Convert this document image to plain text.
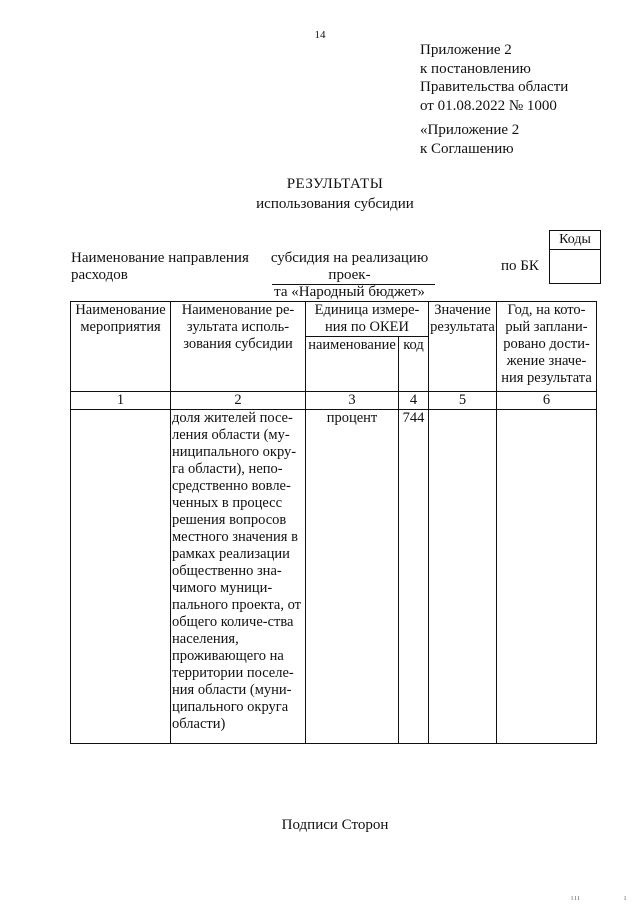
14
Приложение 2
к постановлению
Правительства области
от 01.08.2022 № 1000
«Приложение 2
к Соглашению
РЕЗУЛЬТАТЫ
использования субсидии
Наименование направления
расходов
субсидия на реализацию проек-
та «Народный бюджет»
по БК
Коды
Наименование мероприятия	Наименование ре-зультата исполь-зования субсидии	Единица измере-ния по ОКЕИ		Значение результата	Год, на кото-рый заплани-ровано дости-жение значе-ния результата
		наименование	код		
1	2	3	4	5	6
	доля жителей посе-ления области (му-ниципального окру-га области), непо-средственно вовле-ченных в процесс решения вопросов местного значения в рамках реализации общественно зна-чимого муници-пального проекта, от общего количе-ства населения, проживающего на территории поселе-ния области (муни-ципального округа области)	процент	744		
Подписи Сторон
ııı	ı
